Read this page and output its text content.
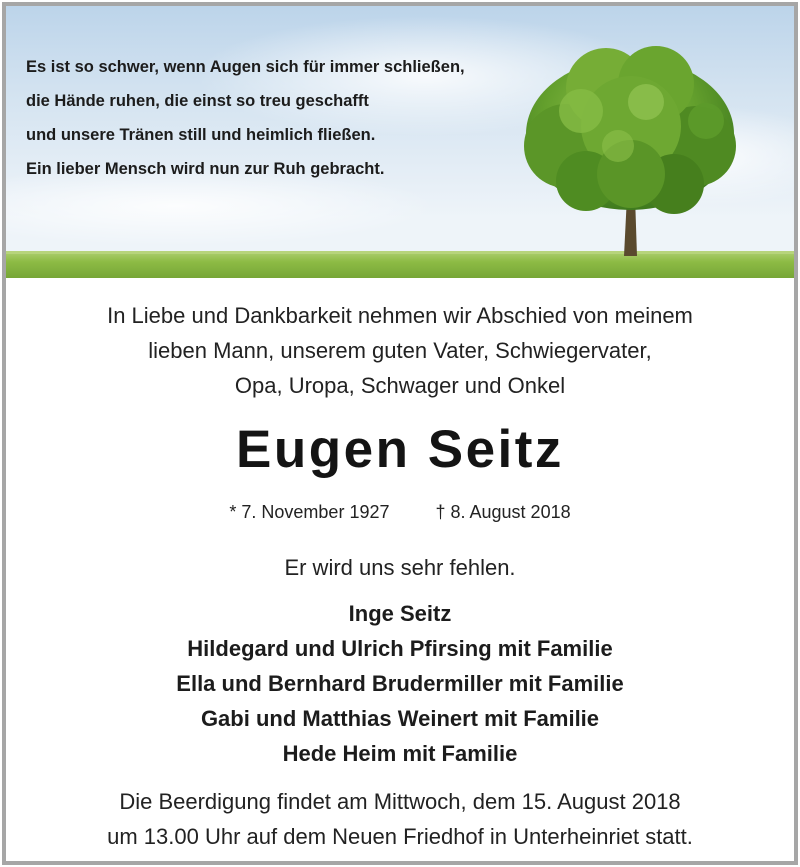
Es ist so schwer, wenn Augen sich für immer schließen,
die Hände ruhen, die einst so treu geschafft
und unsere Tränen still und heimlich fließen.
Ein lieber Mensch wird nun zur Ruh gebracht.

In Liebe und Dankbarkeit nehmen wir Abschied von meinem
lieben Mann, unserem guten Vater, Schwiegervater,
Opa, Uropa, Schwager und Onkel

Eugen Seitz
* 7. November 1927	† 8. August 2018
Er wird uns sehr fehlen.
Inge Seitz
Hildegard und Ulrich Pfirsing mit Familie
Ella und Bernhard Brudermiller mit Familie
Gabi und Matthias Weinert mit Familie
Hede Heim mit Familie

Die Beerdigung findet am Mittwoch, dem 15. August 2018
um 13.00 Uhr auf dem Neuen Friedhof in Unterheinriet statt.
